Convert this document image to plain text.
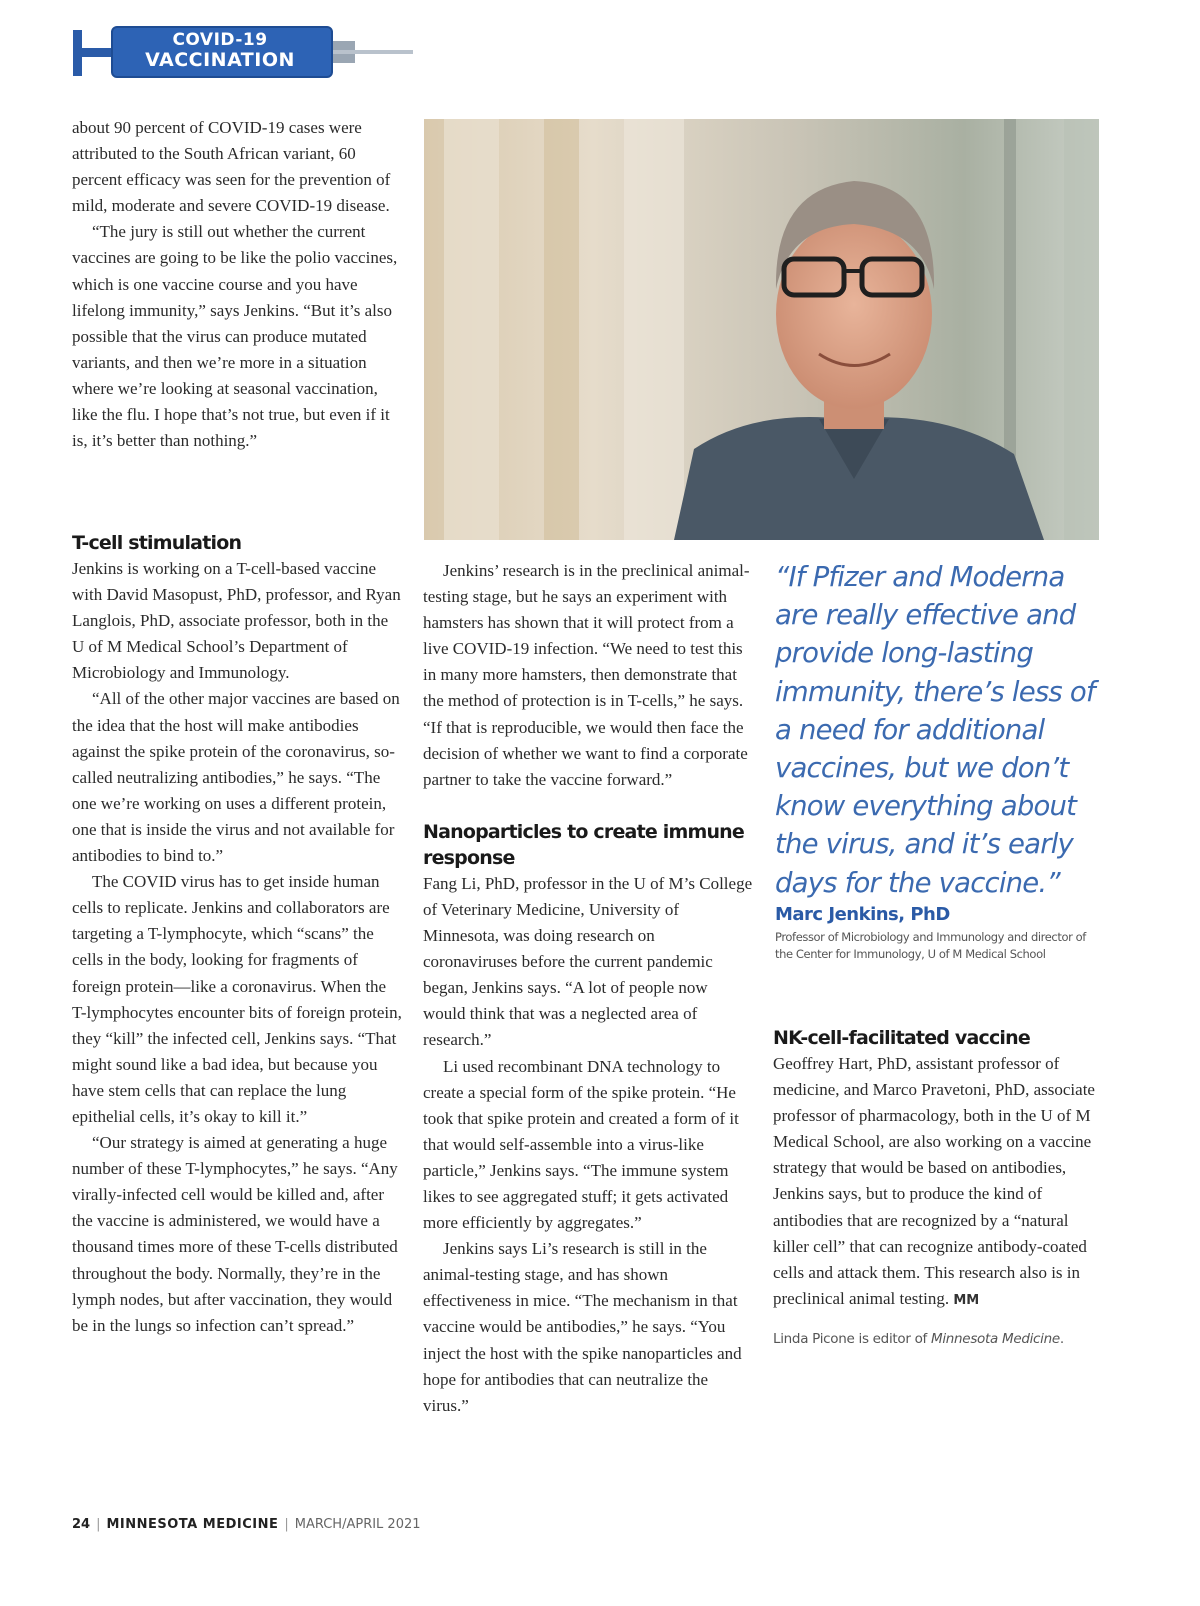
COVID-19
VACCINATION

about 90 percent of COVID-19 cases were attributed to the South African variant, 60 percent efficacy was seen for the prevention of mild, moderate and severe COVID-19 disease.

“The jury is still out whether the current vaccines are going to be like the polio vaccines, which is one vaccine course and you have lifelong immunity,” says Jenkins. “But it’s also possible that the virus can produce mutated variants, and then we’re more in a situation where we’re looking at seasonal vaccination, like the flu. I hope that’s not true, but even if it is, it’s better than nothing.”

T-cell stimulation

Jenkins is working on a T-cell-based vaccine with David Masopust, PhD, professor, and Ryan Langlois, PhD, associate professor, both in the U of M Medical School’s Department of Microbiology and Immunology.

“All of the other major vaccines are based on the idea that the host will make antibodies against the spike protein of the coronavirus, so-called neutralizing antibodies,” he says. “The one we’re working on uses a different protein, one that is inside the virus and not available for antibodies to bind to.”

The COVID virus has to get inside human cells to replicate. Jenkins and collaborators are targeting a T-lymphocyte, which “scans” the cells in the body, looking for fragments of foreign protein—like a coronavirus. When the T-lymphocytes encounter bits of foreign protein, they “kill” the infected cell, Jenkins says. “That might sound like a bad idea, but because you have stem cells that can replace the lung epithelial cells, it’s okay to kill it.”

“Our strategy is aimed at generating a huge number of these T-lymphocytes,” he says. “Any virally-infected cell would be killed and, after the vaccine is administered, we would have a thousand times more of these T-cells distributed throughout the body. Normally, they’re in the lymph nodes, but after vaccination, they would be in the lungs so infection can’t spread.”

Jenkins’ research is in the preclinical animal-testing stage, but he says an experiment with hamsters has shown that it will protect from a live COVID-19 infection. “We need to test this in many more hamsters, then demonstrate that the method of protection is in T-cells,” he says. “If that is reproducible, we would then face the decision of whether we want to find a corporate partner to take the vaccine forward.”

Nanoparticles to create immune response

Fang Li, PhD, professor in the U of M’s College of Veterinary Medicine, University of Minnesota, was doing research on coronaviruses before the current pandemic began, Jenkins says. “A lot of people now would think that was a neglected area of research.”

Li used recombinant DNA technology to create a special form of the spike protein. “He took that spike protein and created a form of it that would self-assemble into a virus-like particle,” Jenkins says. “The immune system likes to see aggregated stuff; it gets activated more efficiently by aggregates.”

Jenkins says Li’s research is still in the animal-testing stage, and has shown effectiveness in mice. “The mechanism in that vaccine would be antibodies,” he says. “You inject the host with the spike nanoparticles and hope for antibodies that can neutralize the virus.”

“If Pfizer and Moderna are really effective and provide long-lasting immunity, there’s less of a need for additional vaccines, but we don’t know everything about the virus, and it’s early days for the vaccine.”
Marc Jenkins, PhD
Professor of Microbiology and Immunology and director of the Center for Immunology, U of M Medical School
NK-cell-facilitated vaccine

Geoffrey Hart, PhD, assistant professor of medicine, and Marco Pravetoni, PhD, associate professor of pharmacology, both in the U of M Medical School, are also working on a vaccine strategy that would be based on antibodies, Jenkins says, but to produce the kind of antibodies that are recognized by a “natural killer cell” that can recognize antibody-coated cells and attack them. This research also is in preclinical animal testing. MM

Linda Picone is editor of Minnesota Medicine.

24 | MINNESOTA MEDICINE | MARCH/APRIL 2021
